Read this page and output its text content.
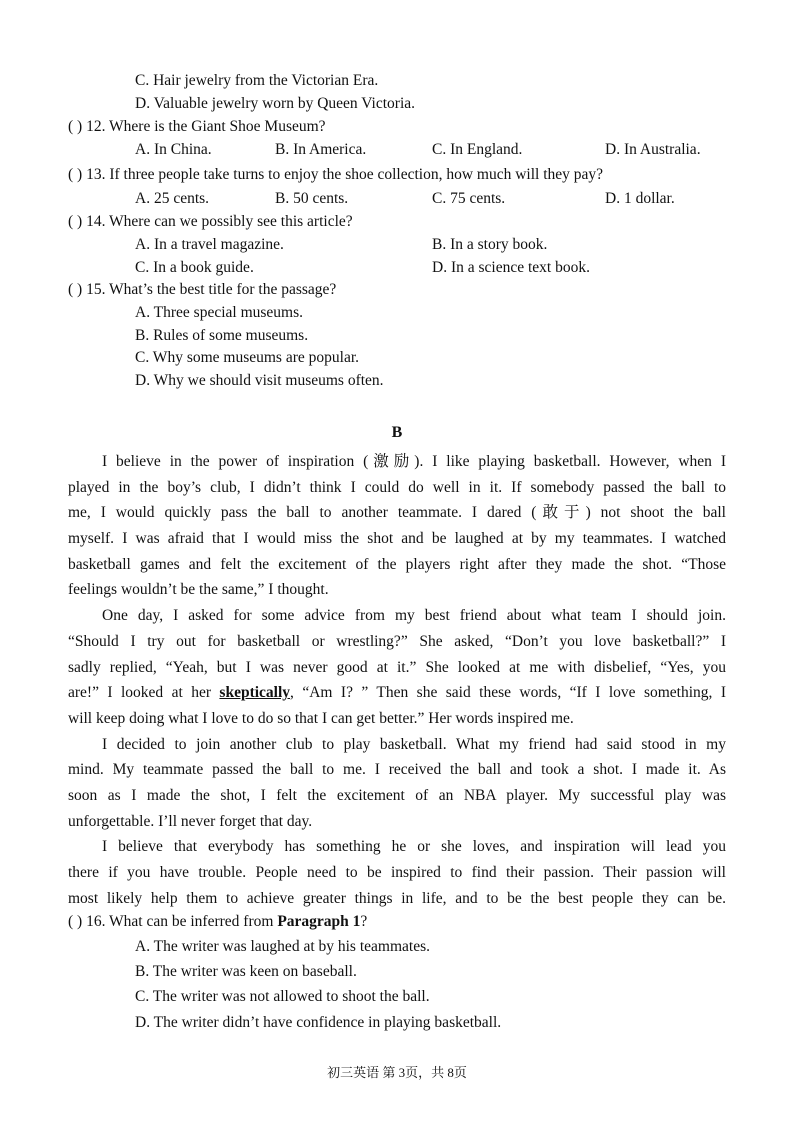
C. Hair jewelry from the Victorian Era.
D. Valuable jewelry worn by Queen Victoria.
( ) 12. Where is the Giant Shoe Museum?
A. In China.	B. In America.	C. In England.	D. In Australia.
( ) 13. If three people take turns to enjoy the shoe collection, how much will they pay?
A. 25 cents.	B. 50 cents.	C. 75 cents.	D. 1 dollar.
( ) 14. Where can we possibly see this article?
A. In a travel magazine.	B. In a story book.
C. In a book guide.	D. In a science text book.
( ) 15. What’s the best title for the passage?
A. Three special museums.
B. Rules of some museums.
C. Why some museums are popular.
D. Why we should visit museums often.
B
I believe in the power of inspiration (激励). I like playing basketball. However, when I
played in the boy’s club, I didn’t think I could do well in it. If somebody passed the ball to
me, I would quickly pass the ball to another teammate. I dared (敢于) not shoot the ball
myself. I was afraid that I would miss the shot and be laughed at by my teammates. I watched
basketball games and felt the excitement of the players right after they made the shot. “Those
feelings wouldn’t be the same,” I thought.
One day, I asked for some advice from my best friend about what team I should join.
“Should I try out for basketball or wrestling?” She asked, “Don’t you love basketball?” I
sadly replied, “Yeah, but I was never good at it.” She looked at me with disbelief, “Yes, you
are!” I looked at her skeptically, “Am I? ” Then she said these words, “If I love something, I
will keep doing what I love to do so that I can get better.” Her words inspired me.
I decided to join another club to play basketball. What my friend had said stood in my
mind. My teammate passed the ball to me. I received the ball and took a shot. I made it. As
soon as I made the shot, I felt the excitement of an NBA player. My successful play was
unforgettable. I’ll never forget that day.
I believe that everybody has something he or she loves, and inspiration will lead you
there if you have trouble. People need to be inspired to find their passion. Their passion will
most likely help them to achieve greater things in life, and to be the best people they can be.
( ) 16. What can be inferred from Paragraph 1?
A. The writer was laughed at by his teammates.
B. The writer was keen on baseball.
C. The writer was not allowed to shoot the ball.
D. The writer didn’t have confidence in playing basketball.
初三英语 第 3页，共 8页
